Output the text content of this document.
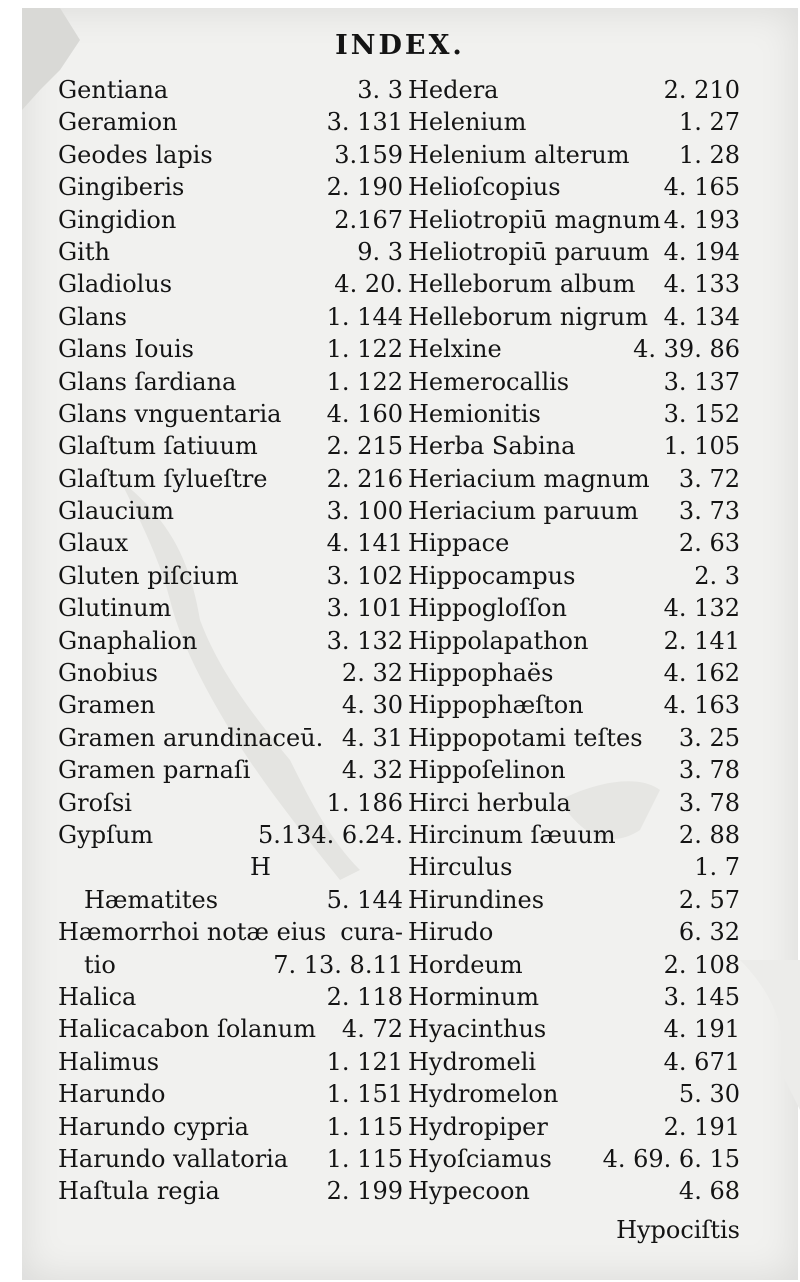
INDEX.
Gentiana	3. 3
Geramion	3. 131
Geodes lapis	3.159
Gingiberis	2. 190
Gingidion	2.167
Gith	9. 3
Gladiolus	4. 20.
Glans	1. 144
Glans Iouis	1. 122
Glans ſardiana	1. 122
Glans vnguentaria 4. 160
Glaſtum ſatiuum	2. 215
Glaſtum ſylueſtre 2. 216
Glaucium	3. 100
Glaux	4. 141
Gluten piſcium	3. 102
Glutinum	3. 101
Gnaphalion	3. 132
Gnobius	2. 32
Gramen	4. 30
Gramen arundinaceū. 4. 31
Gramen parnaſi	4. 32
Groſsi	1. 186
Gypſum	5.134. 6.24.
H
Hæmatites	5. 144
Hæmorrhoi notæ eius cura-
tio	7. 13. 8.11
Halica	2. 118
Halicacabon ſolanum 4. 72
Halimus	1. 121
Harundo	1. 151
Harundo cypria	1. 115
Harundo vallatoria 1. 115
Haſtula regia	2. 199
Hedera	2. 210
Helenium	1. 27
Helenium alterum 1. 28
Helioſcopius	4. 165
Heliotropiū magnum 4. 193
Heliotropiū paruum 4. 194
Helleborum album 4. 133
Helleborum nigrum 4. 134
Helxine	4. 39. 86
Hemerocallis	3. 137
Hemionitis	3. 152
Herba Sabina	1. 105
Heriacium magnum 3. 72
Heriacium paruum 3. 73
Hippace	2. 63
Hippocampus	2. 3
Hippogloſſon	4. 132
Hippolapathon	2. 141
Hippophaës	4. 162
Hippophæſton	4. 163
Hippopotami teſtes 3. 25
Hippoſelinon	3. 78
Hirci herbula	3. 78
Hircinum ſæuum	2. 88
Hirculus	1. 7
Hirundines	2. 57
Hirudo	6. 32
Hordeum	2. 108
Horminum	3. 145
Hyacinthus	4. 191
Hydromeli	4. 671
Hydromelon	5. 30
Hydropiper	2. 191
Hyoſciamus 4. 69. 6. 15
Hypecoon	4. 68
Hypociſtis
